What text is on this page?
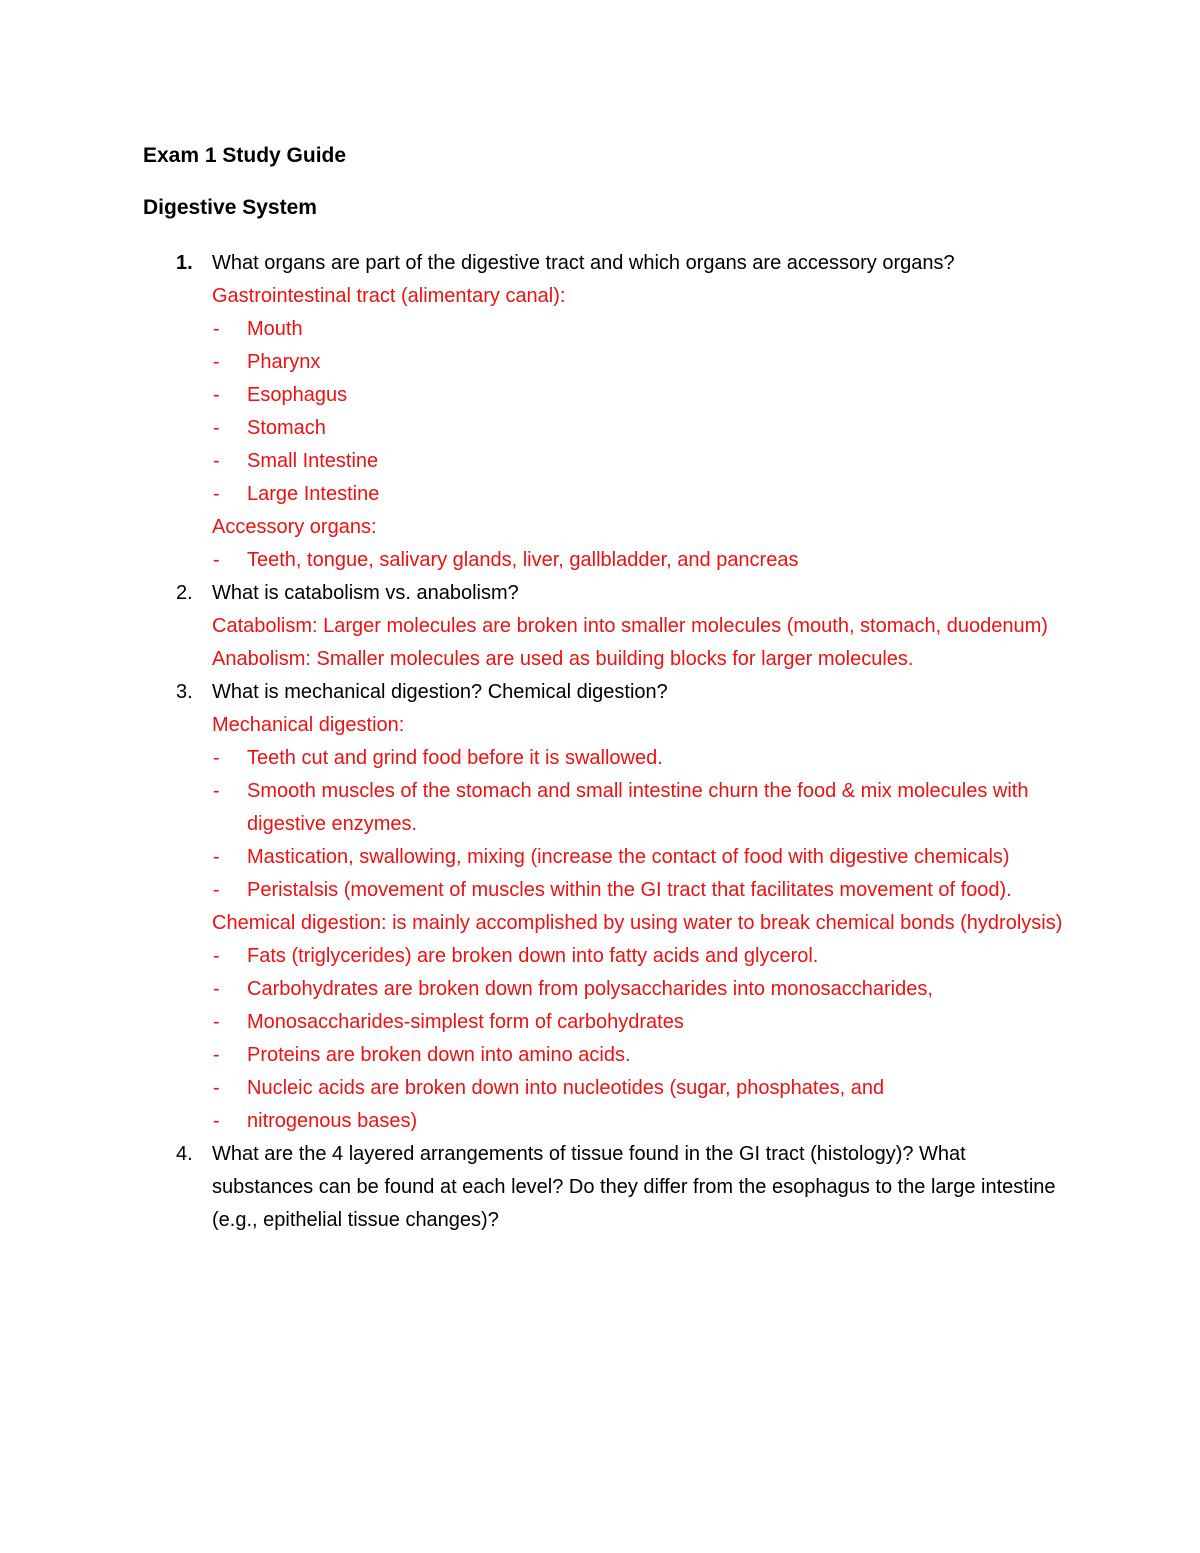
Exam 1 Study Guide
Digestive System
1. What organs are part of the digestive tract and which organs are accessory organs?
Gastrointestinal tract (alimentary canal):
- Mouth
- Pharynx
- Esophagus
- Stomach
- Small Intestine
- Large Intestine
Accessory organs:
- Teeth, tongue, salivary glands, liver, gallbladder, and pancreas
2. What is catabolism vs. anabolism?
Catabolism: Larger molecules are broken into smaller molecules (mouth, stomach, duodenum)
Anabolism: Smaller molecules are used as building blocks for larger molecules.
3. What is mechanical digestion? Chemical digestion?
Mechanical digestion:
- Teeth cut and grind food before it is swallowed.
- Smooth muscles of the stomach and small intestine churn the food & mix molecules with digestive enzymes.
- Mastication, swallowing, mixing (increase the contact of food with digestive chemicals)
- Peristalsis (movement of muscles within the GI tract that facilitates movement of food).
Chemical digestion: is mainly accomplished by using water to break chemical bonds (hydrolysis)
- Fats (triglycerides) are broken down into fatty acids and glycerol.
- Carbohydrates are broken down from polysaccharides into monosaccharides,
- Monosaccharides-simplest form of carbohydrates
- Proteins are broken down into amino acids.
- Nucleic acids are broken down into nucleotides (sugar, phosphates, and
- nitrogenous bases)
4. What are the 4 layered arrangements of tissue found in the GI tract (histology)? What substances can be found at each level? Do they differ from the esophagus to the large intestine (e.g., epithelial tissue changes)?
